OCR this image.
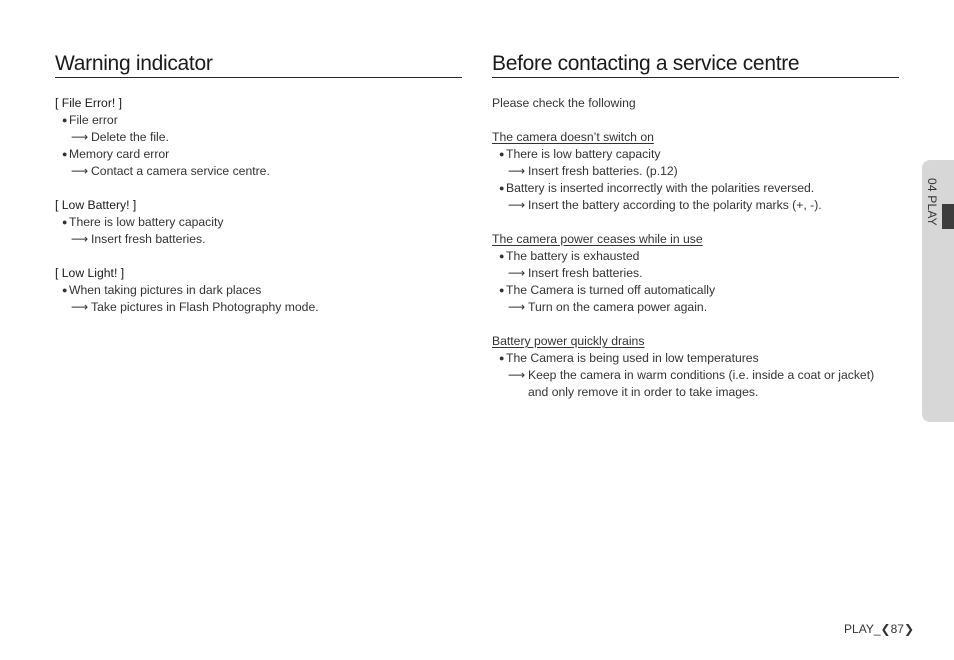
Warning indicator
[ File Error! ]
● File error
⟶ Delete the file.
● Memory card error
⟶ Contact a camera service centre.
[ Low Battery! ]
● There is low battery capacity
⟶ Insert fresh batteries.
[ Low Light! ]
● When taking pictures in dark places
⟶ Take pictures in Flash Photography mode.
Before contacting a service centre
Please check the following
The camera doesn’t switch on
● There is low battery capacity
⟶ Insert fresh batteries. (p.12)
● Battery is inserted incorrectly with the polarities reversed.
⟶ Insert the battery according to the polarity marks (+, -).
The camera power ceases while in use
● The battery is exhausted
⟶ Insert fresh batteries.
● The Camera is turned off automatically
⟶ Turn on the camera power again.
Battery power quickly drains
● The Camera is being used in low temperatures
⟶ Keep the camera in warm conditions (i.e. inside a coat or jacket) and only remove it in order to take images.
04 PLAY
PLAY_❮87❯
